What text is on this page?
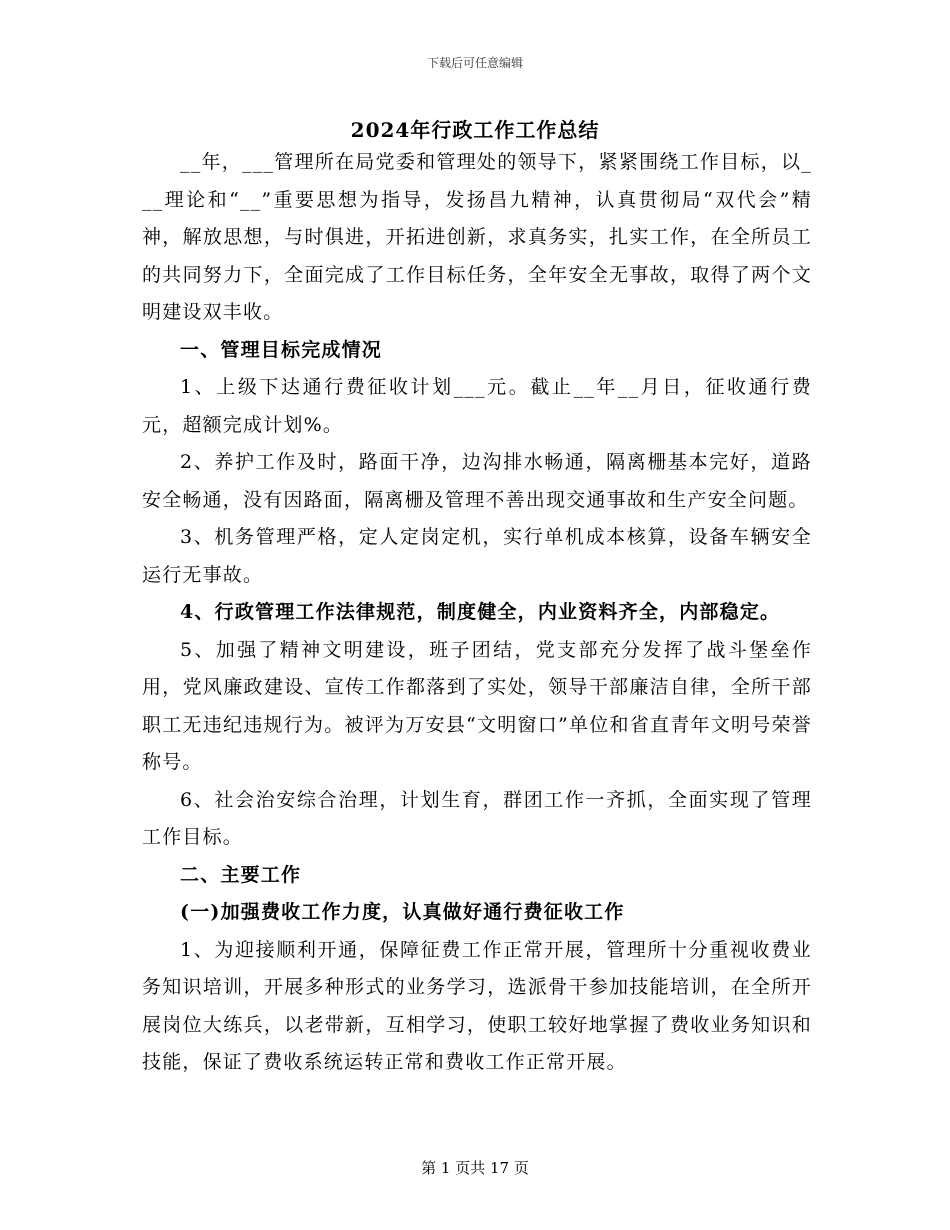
下载后可任意编辑
2024年行政工作工作总结

__年，___管理所在局党委和管理处的领导下，紧紧围绕工作目标，以___理论和“__”重要思想为指导，发扬昌九精神，认真贯彻局“双代会”精神，解放思想，与时俱进，开拓进创新，求真务实，扎实工作，在全所员工的共同努力下，全面完成了工作目标任务，全年安全无事故，取得了两个文明建设双丰收。

一、管理目标完成情况

1、上级下达通行费征收计划___元。截止__年__月日，征收通行费元，超额完成计划%。

2、养护工作及时，路面干净，边沟排水畅通，隔离栅基本完好，道路安全畅通，没有因路面，隔离栅及管理不善出现交通事故和生产安全问题。

3、机务管理严格，定人定岗定机，实行单机成本核算，设备车辆安全运行无事故。

4、行政管理工作法律规范，制度健全，内业资料齐全，内部稳定。

5、加强了精神文明建设，班子团结，党支部充分发挥了战斗堡垒作用，党风廉政建设、宣传工作都落到了实处，领导干部廉洁自律，全所干部职工无违纪违规行为。被评为万安县“文明窗口”单位和省直青年文明号荣誉称号。

6、社会治安综合治理，计划生育，群团工作一齐抓，全面实现了管理工作目标。

二、主要工作

(一)加强费收工作力度，认真做好通行费征收工作

1、为迎接顺利开通，保障征费工作正常开展，管理所十分重视收费业务知识培训，开展多种形式的业务学习，选派骨干参加技能培训，在全所开展岗位大练兵，以老带新，互相学习，使职工较好地掌握了费收业务知识和技能，保证了费收系统运转正常和费收工作正常开展。

第 1 页共 17 页
